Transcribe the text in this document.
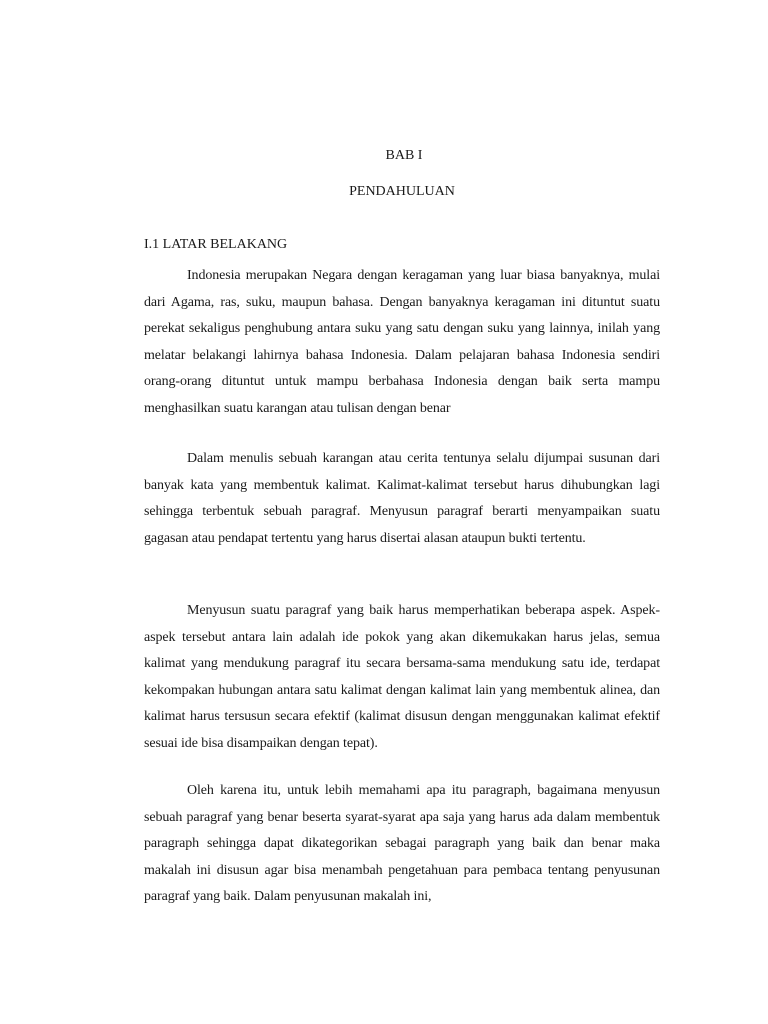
BAB I
PENDAHULUAN
I.1 LATAR BELAKANG
Indonesia merupakan Negara dengan keragaman yang luar biasa banyaknya, mulai dari Agama, ras, suku, maupun bahasa. Dengan banyaknya keragaman ini dituntut suatu perekat sekaligus penghubung antara suku yang satu dengan suku yang lainnya, inilah yang melatar belakangi lahirnya bahasa Indonesia. Dalam pelajaran bahasa Indonesia sendiri orang-orang dituntut untuk mampu berbahasa Indonesia dengan baik serta mampu menghasilkan suatu karangan atau tulisan dengan benar
Dalam menulis sebuah karangan atau cerita tentunya selalu dijumpai susunan dari banyak kata yang membentuk kalimat. Kalimat-kalimat tersebut harus dihubungkan lagi sehingga terbentuk sebuah paragraf. Menyusun paragraf berarti menyampaikan suatu gagasan atau pendapat tertentu yang harus disertai alasan ataupun bukti tertentu.
Menyusun suatu paragraf yang baik harus memperhatikan beberapa aspek. Aspek-aspek tersebut antara lain adalah ide pokok yang akan dikemukakan harus jelas, semua kalimat yang mendukung paragraf itu secara bersama-sama mendukung satu ide, terdapat kekompakan hubungan antara satu kalimat dengan kalimat lain yang membentuk alinea, dan kalimat harus tersusun secara efektif (kalimat disusun dengan menggunakan kalimat efektif sesuai ide bisa disampaikan dengan tepat).
Oleh karena itu, untuk lebih memahami apa itu paragraph, bagaimana menyusun sebuah paragraf yang benar beserta syarat-syarat apa saja yang harus ada dalam membentuk paragraph sehingga dapat dikategorikan sebagai paragraph yang baik dan benar maka makalah ini disusun agar bisa menambah pengetahuan para pembaca tentang penyusunan paragraf yang baik. Dalam penyusunan makalah ini,
